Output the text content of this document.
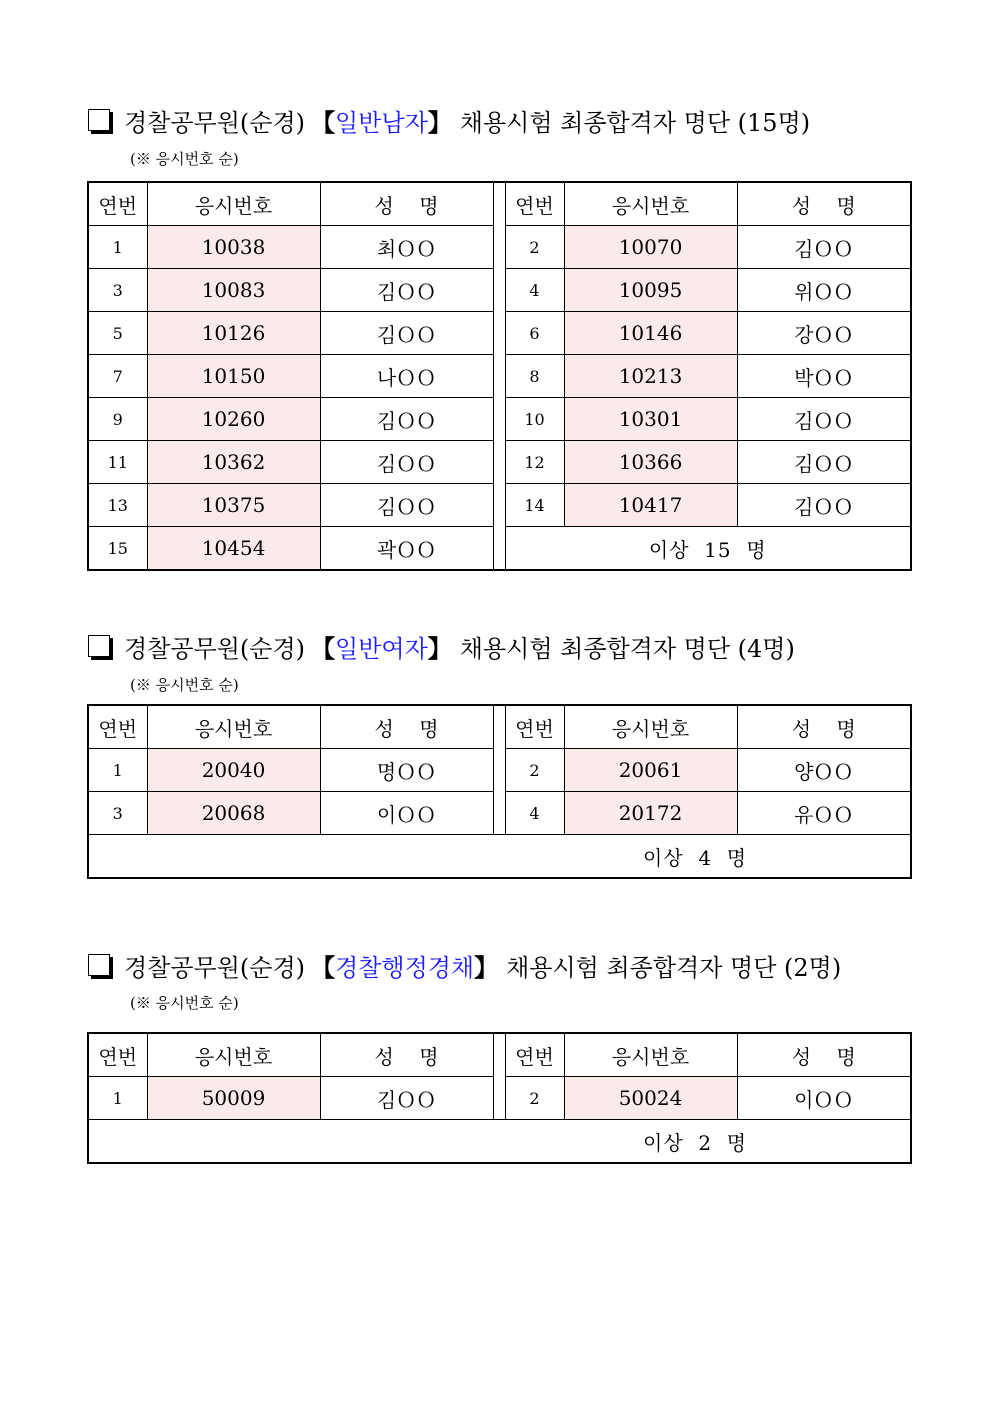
경찰공무원(순경) 【일반남자】 채용시험 최종합격자 명단 (15명)
(※ 응시번호 순)
연번	응시번호	성    명		연번	응시번호	성    명
1	10038	최ＯＯ		2	10070	김ＯＯ
3	10083	김ＯＯ		4	10095	위ＯＯ
5	10126	김ＯＯ		6	10146	강ＯＯ
7	10150	나ＯＯ		8	10213	박ＯＯ
9	10260	김ＯＯ		10	10301	김ＯＯ
11	10362	김ＯＯ		12	10366	김ＯＯ
13	10375	김ＯＯ		14	10417	김ＯＯ
15	10454	곽ＯＯ		이상  15  명		
경찰공무원(순경) 【일반여자】 채용시험 최종합격자 명단 (4명)
(※ 응시번호 순)
연번	응시번호	성    명		연번	응시번호	성    명
1	20040	명ＯＯ		2	20061	양ＯＯ
3	20068	이ＯＯ		4	20172	유ＯＯ
이상  4  명						
경찰공무원(순경) 【경찰행정경채】 채용시험 최종합격자 명단 (2명)
(※ 응시번호 순)
연번	응시번호	성    명		연번	응시번호	성    명
1	50009	김ＯＯ		2	50024	이ＯＯ
이상  2  명						
